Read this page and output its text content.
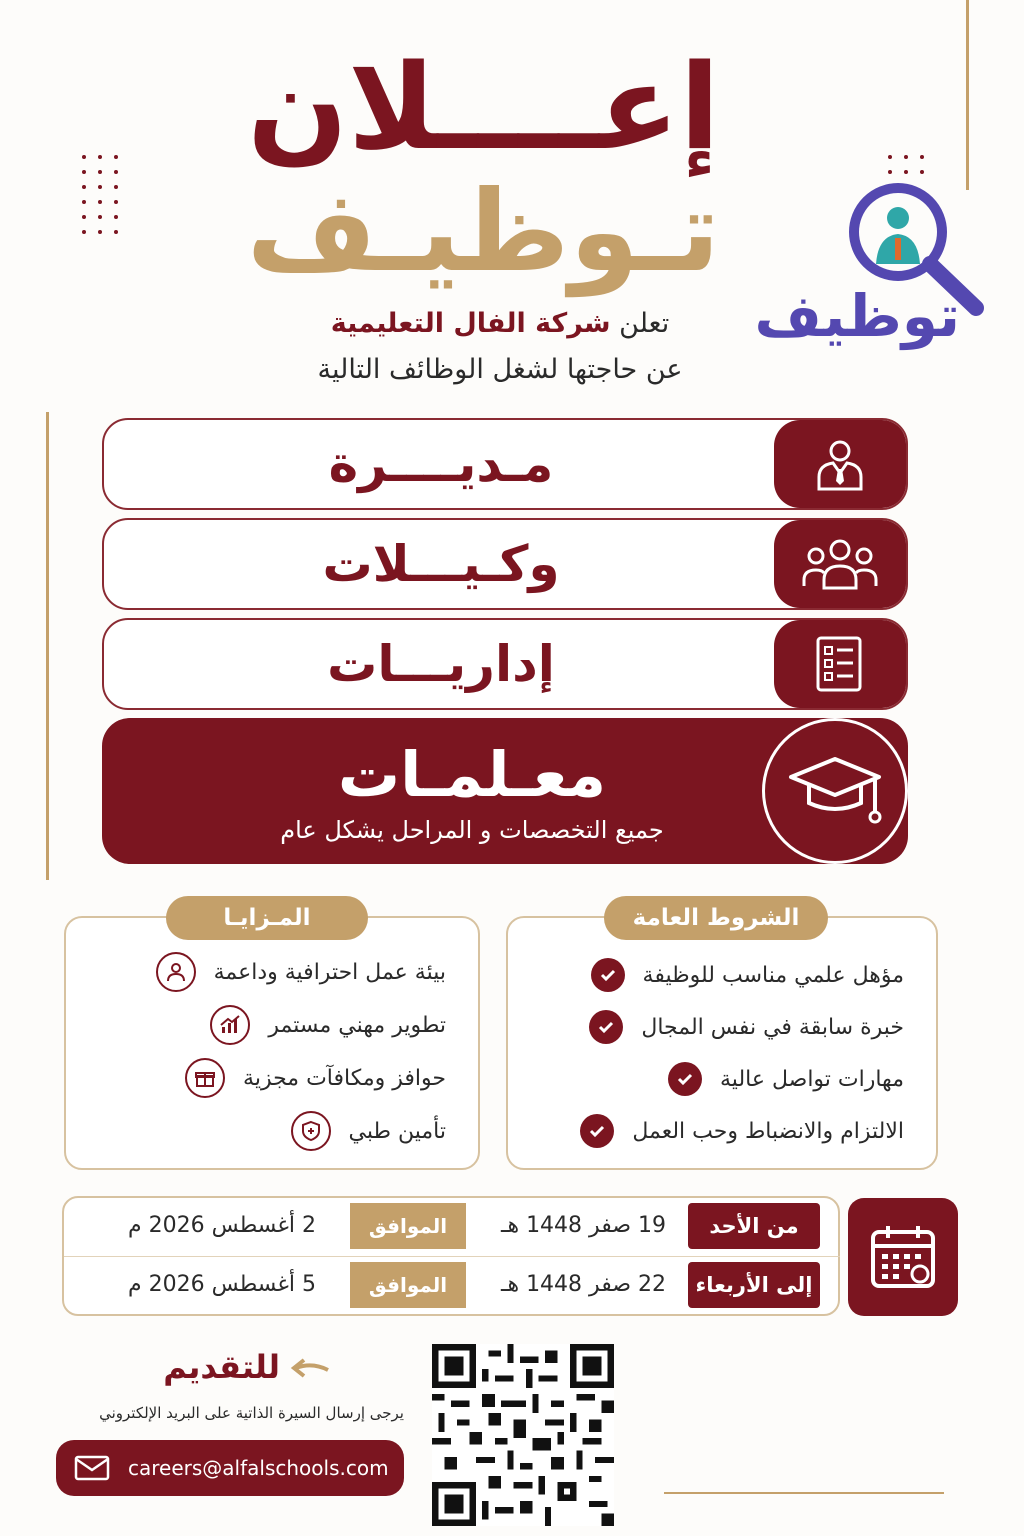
إعــــلان
تـوظيـف
تعلن شركة الفال التعليمية
عن حاجتها لشغل الوظائف التالية
توظيف
مـديــــرة
وكـيـــلات
إداريـــات
معـلمـات
جميع التخصصات و المراحل يشكل عام
الشروط العامة
مؤهل علمي مناسب للوظيفة
خبرة سابقة في نفس المجال
مهارات تواصل عالية
الالتزام والانضباط وحب العمل
المـزايـا
بيئة عمل احترافية وداعمة
تطوير مهني مستمر
حوافز ومكافآت مجزية
تأمين طبي
من الأحد
19 صفر 1448 هـ
الموافق
2 أغسطس 2026 م
إلى الأربعاء
22 صفر 1448 هـ
الموافق
5 أغسطس 2026 م
للتقديم
يرجى إرسال السيرة الذاتية على البريد الإلكتروني
careers@alfalschools.com
